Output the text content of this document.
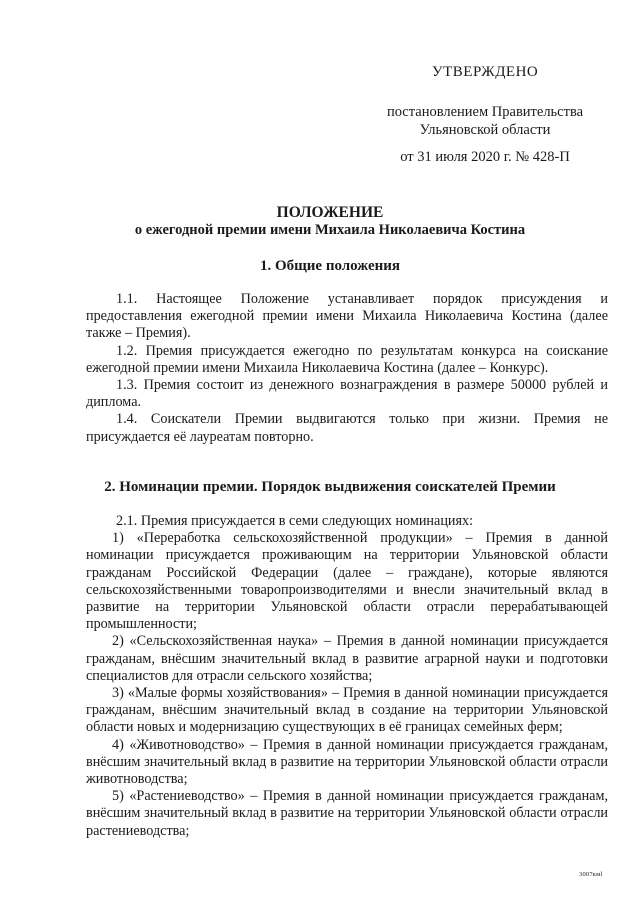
УТВЕРЖДЕНО
постановлением Правительства
Ульяновской области
от 31 июля 2020 г. № 428-П
ПОЛОЖЕНИЕ
о ежегодной премии имени Михаила Николаевича Костина
1. Общие положения

1.1. Настоящее Положение устанавливает порядок присуждения и предоставления ежегодной премии имени Михаила Николаевича Костина (далее также – Премия).

1.2. Премия присуждается ежегодно по результатам конкурса на соискание ежегодной премии имени Михаила Николаевича Костина (далее – Конкурс).

1.3. Премия состоит из денежного вознаграждения в размере 50000 рублей и диплома.

1.4. Соискатели Премии выдвигаются только при жизни. Премия не присуждается её лауреатам повторно.

2. Номинации премии. Порядок выдвижения соискателей Премии

2.1. Премия присуждается в семи следующих номинациях:

1) «Переработка сельскохозяйственной продукции» – Премия в данной номинации присуждается проживающим на территории Ульяновской области гражданам Российской Федерации (далее – граждане), которые являются сельскохозяйственными товаропроизводителями и внесли значительный вклад в развитие на территории Ульяновской области отрасли перерабатывающей промышленности;

2) «Сельскохозяйственная наука» – Премия в данной номинации присуждается гражданам, внёсшим значительный вклад в развитие аграрной науки и подготовки специалистов для отрасли сельского хозяйства;

3) «Малые формы хозяйствования» – Премия в данной номинации присуждается гражданам, внёсшим значительный вклад в создание на территории Ульяновской области новых и модернизацию существующих в её границах семейных ферм;

4) «Животноводство» – Премия в данной номинации присуждается гражданам, внёсшим значительный вклад в развитие на территории Ульяновской области отрасли животноводства;

5) «Растениеводство» – Премия в данной номинации присуждается гражданам, внёсшим значительный вклад в развитие на территории Ульяновской области отрасли растениеводства;

3007кмl
